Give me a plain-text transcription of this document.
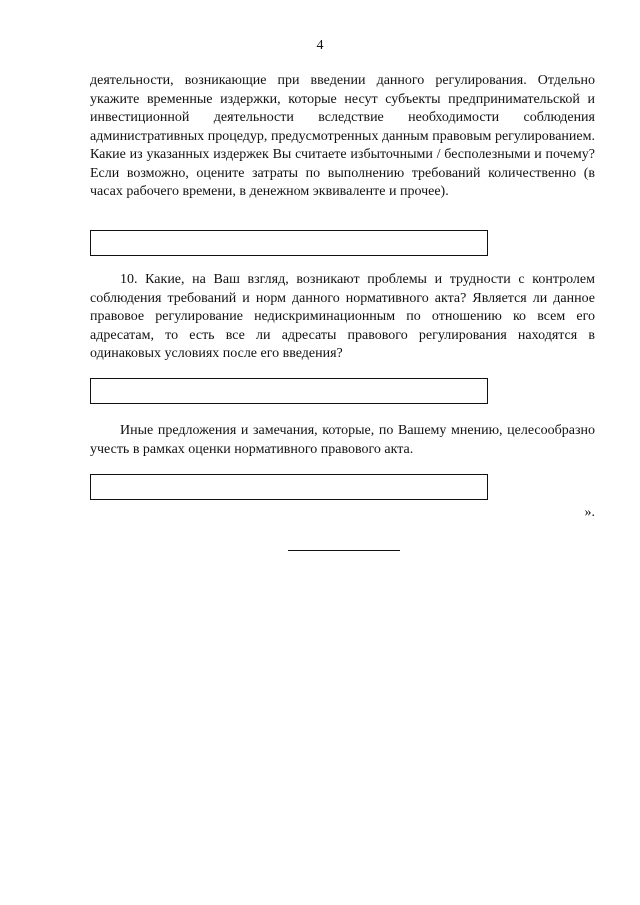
4

деятельности, возникающие при введении данного регулирования. Отдельно укажите временные издержки, которые несут субъекты предпринимательской и инвестиционной деятельности вследствие необходимости соблюдения административных процедур, предусмотренных данным правовым регулированием. Какие из указанных издержек Вы считаете избыточными / бесполезными и почему? Если возможно, оцените затраты по выполнению требований количественно (в часах рабочего времени, в денежном эквиваленте и прочее).

10. Какие, на Ваш взгляд, возникают проблемы и трудности с контролем соблюдения требований и норм данного нормативного акта? Является ли данное правовое регулирование недискриминационным по отношению ко всем его адресатам, то есть все ли адресаты правового регулирования находятся в одинаковых условиях после его введения?

Иные предложения и замечания, которые, по Вашему мнению, целесообразно учесть в рамках оценки нормативного правового акта.

».
